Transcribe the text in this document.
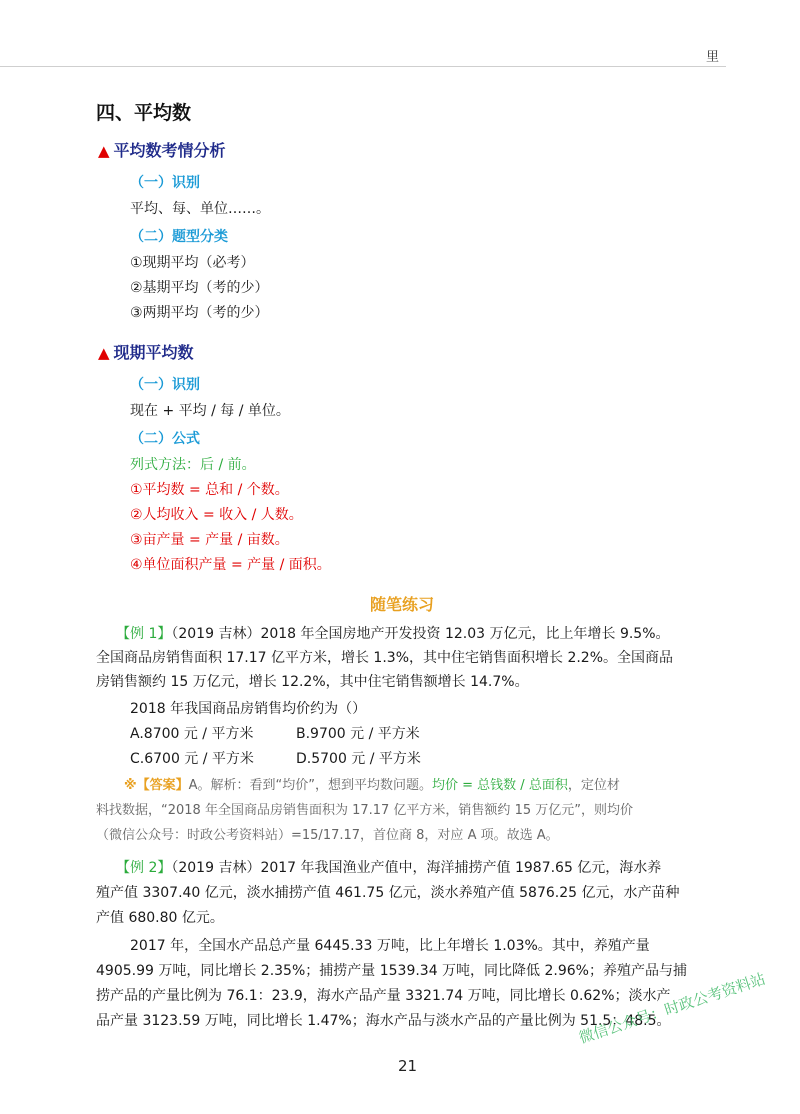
里
四、平均数
▲ 平均数考情分析
（一）识别
平均、每、单位……。
（二）题型分类
①现期平均（必考）
②基期平均（考的少）
③两期平均（考的少）
▲ 现期平均数
（一）识别
现在 + 平均 / 每 / 单位。
（二）公式
列式方法：后 / 前。
①平均数 = 总和 / 个数。
②人均收入 = 收入 / 人数。
③亩产量 = 产量 / 亩数。
④单位面积产量 = 产量 / 面积。
随笔练习
【例 1】（2019 吉林）2018 年全国房地产开发投资 12.03 万亿元，比上年增长 9.5%。
全国商品房销售面积 17.17 亿平方米，增长 1.3%，其中住宅销售面积增长 2.2%。全国商品
房销售额约 15 万亿元，增长 12.2%，其中住宅销售额增长 14.7%。
2018 年我国商品房销售均价约为（）
A.8700 元 / 平方米	B.9700 元 / 平方米
C.6700 元 / 平方米	D.5700 元 / 平方米
※【答案】A。解析：看到“均价”，想到平均数问题。均价 = 总钱数 / 总面积，定位材
料找数据，“2018 年全国商品房销售面积为 17.17 亿平方米，销售额约 15 万亿元”，则均价
（微信公众号：时政公考资料站）=15/17.17，首位商 8，对应 A 项。故选 A。
【例 2】（2019 吉林）2017 年我国渔业产值中，海洋捕捞产值 1987.65 亿元，海水养
殖产值 3307.40 亿元，淡水捕捞产值 461.75 亿元，淡水养殖产值 5876.25 亿元，水产苗种
产值 680.80 亿元。
2017 年，全国水产品总产量 6445.33 万吨，比上年增长 1.03%。其中，养殖产量
4905.99 万吨，同比增长 2.35%；捕捞产量 1539.34 万吨，同比降低 2.96%；养殖产品与捕
捞产品的产量比例为 76.1：23.9，海水产品产量 3321.74 万吨，同比增长 0.62%；淡水产
品产量 3123.59 万吨，同比增长 1.47%；海水产品与淡水产品的产量比例为 51.5：48.5。
21
微信公众号：时政公考资料站
